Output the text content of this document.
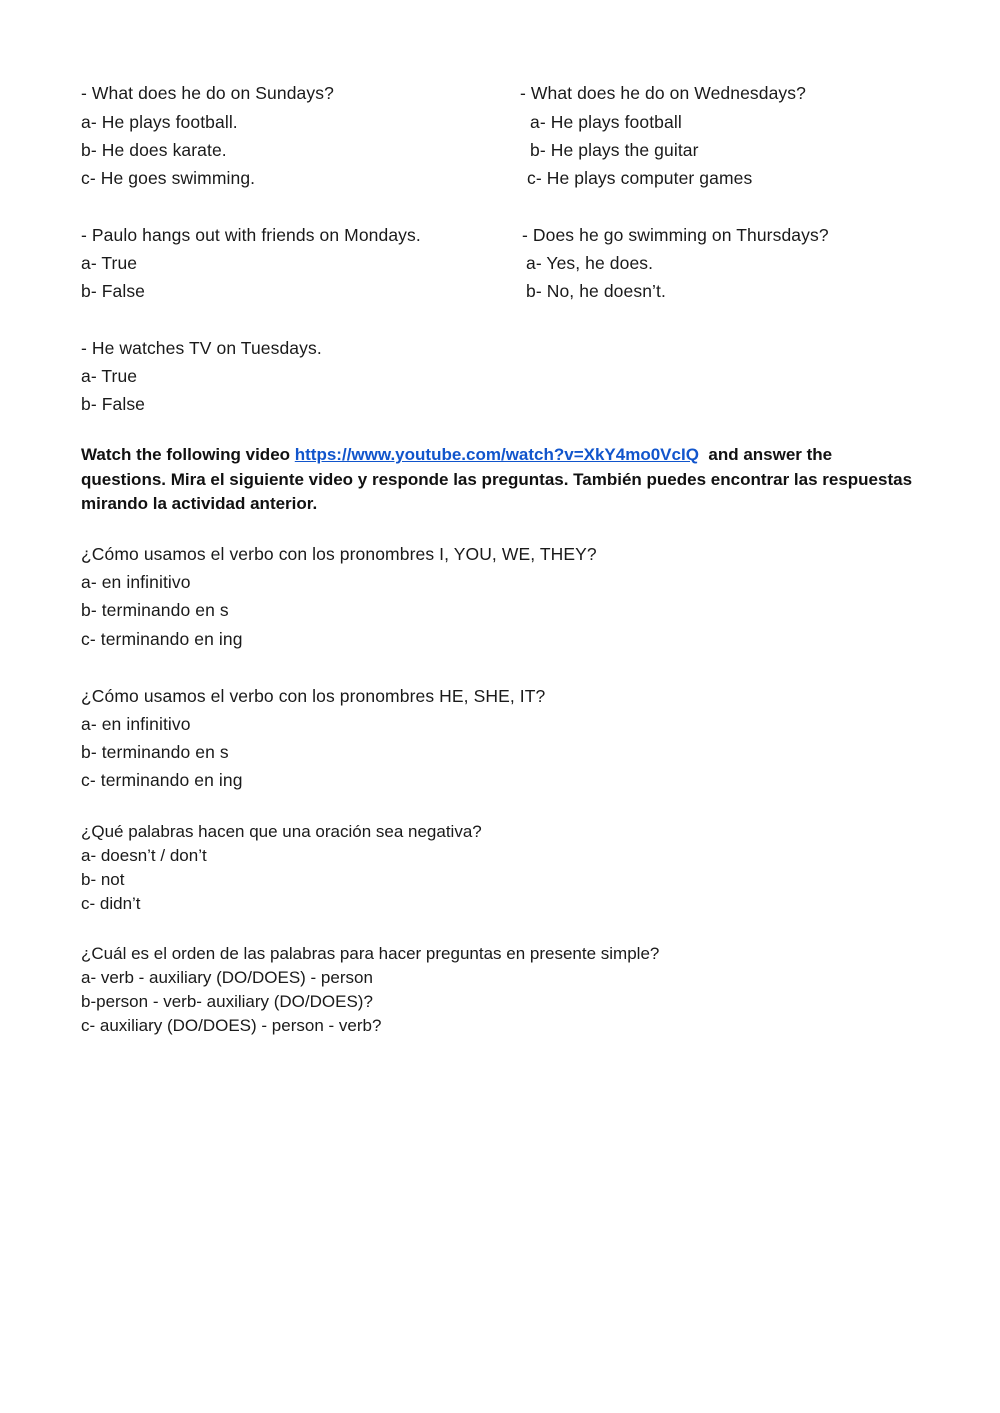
- What does he do on Sundays?
a- He plays football.
b- He does karate.
c- He goes swimming.
- What does he do on Wednesdays?
a- He plays football
b- He plays the guitar
c- He plays computer games
- Paulo hangs out with friends on Mondays.
a- True
b- False
- Does he go swimming on Thursdays?
a- Yes, he does.
b- No, he doesn’t.
- He watches TV on Tuesdays.
a- True
b- False
Watch the following video https://www.youtube.com/watch?v=XkY4mo0VcIQ  and answer the questions. Mira el siguiente video y responde las preguntas. También puedes encontrar las respuestas mirando la actividad anterior.
¿Cómo usamos el verbo con los pronombres I, YOU, WE, THEY?
a- en infinitivo
b- terminando en s
c- terminando en ing
¿Cómo usamos el verbo con los pronombres HE, SHE, IT?
a- en infinitivo
b- terminando en s
c- terminando en ing
¿Qué palabras hacen que una oración sea negativa?
a- doesn’t / don’t
b- not
c- didn’t
¿Cuál es el orden de las palabras para hacer preguntas en presente simple?
a- verb - auxiliary (DO/DOES) - person
b-person - verb- auxiliary (DO/DOES)?
c- auxiliary (DO/DOES) - person - verb?
